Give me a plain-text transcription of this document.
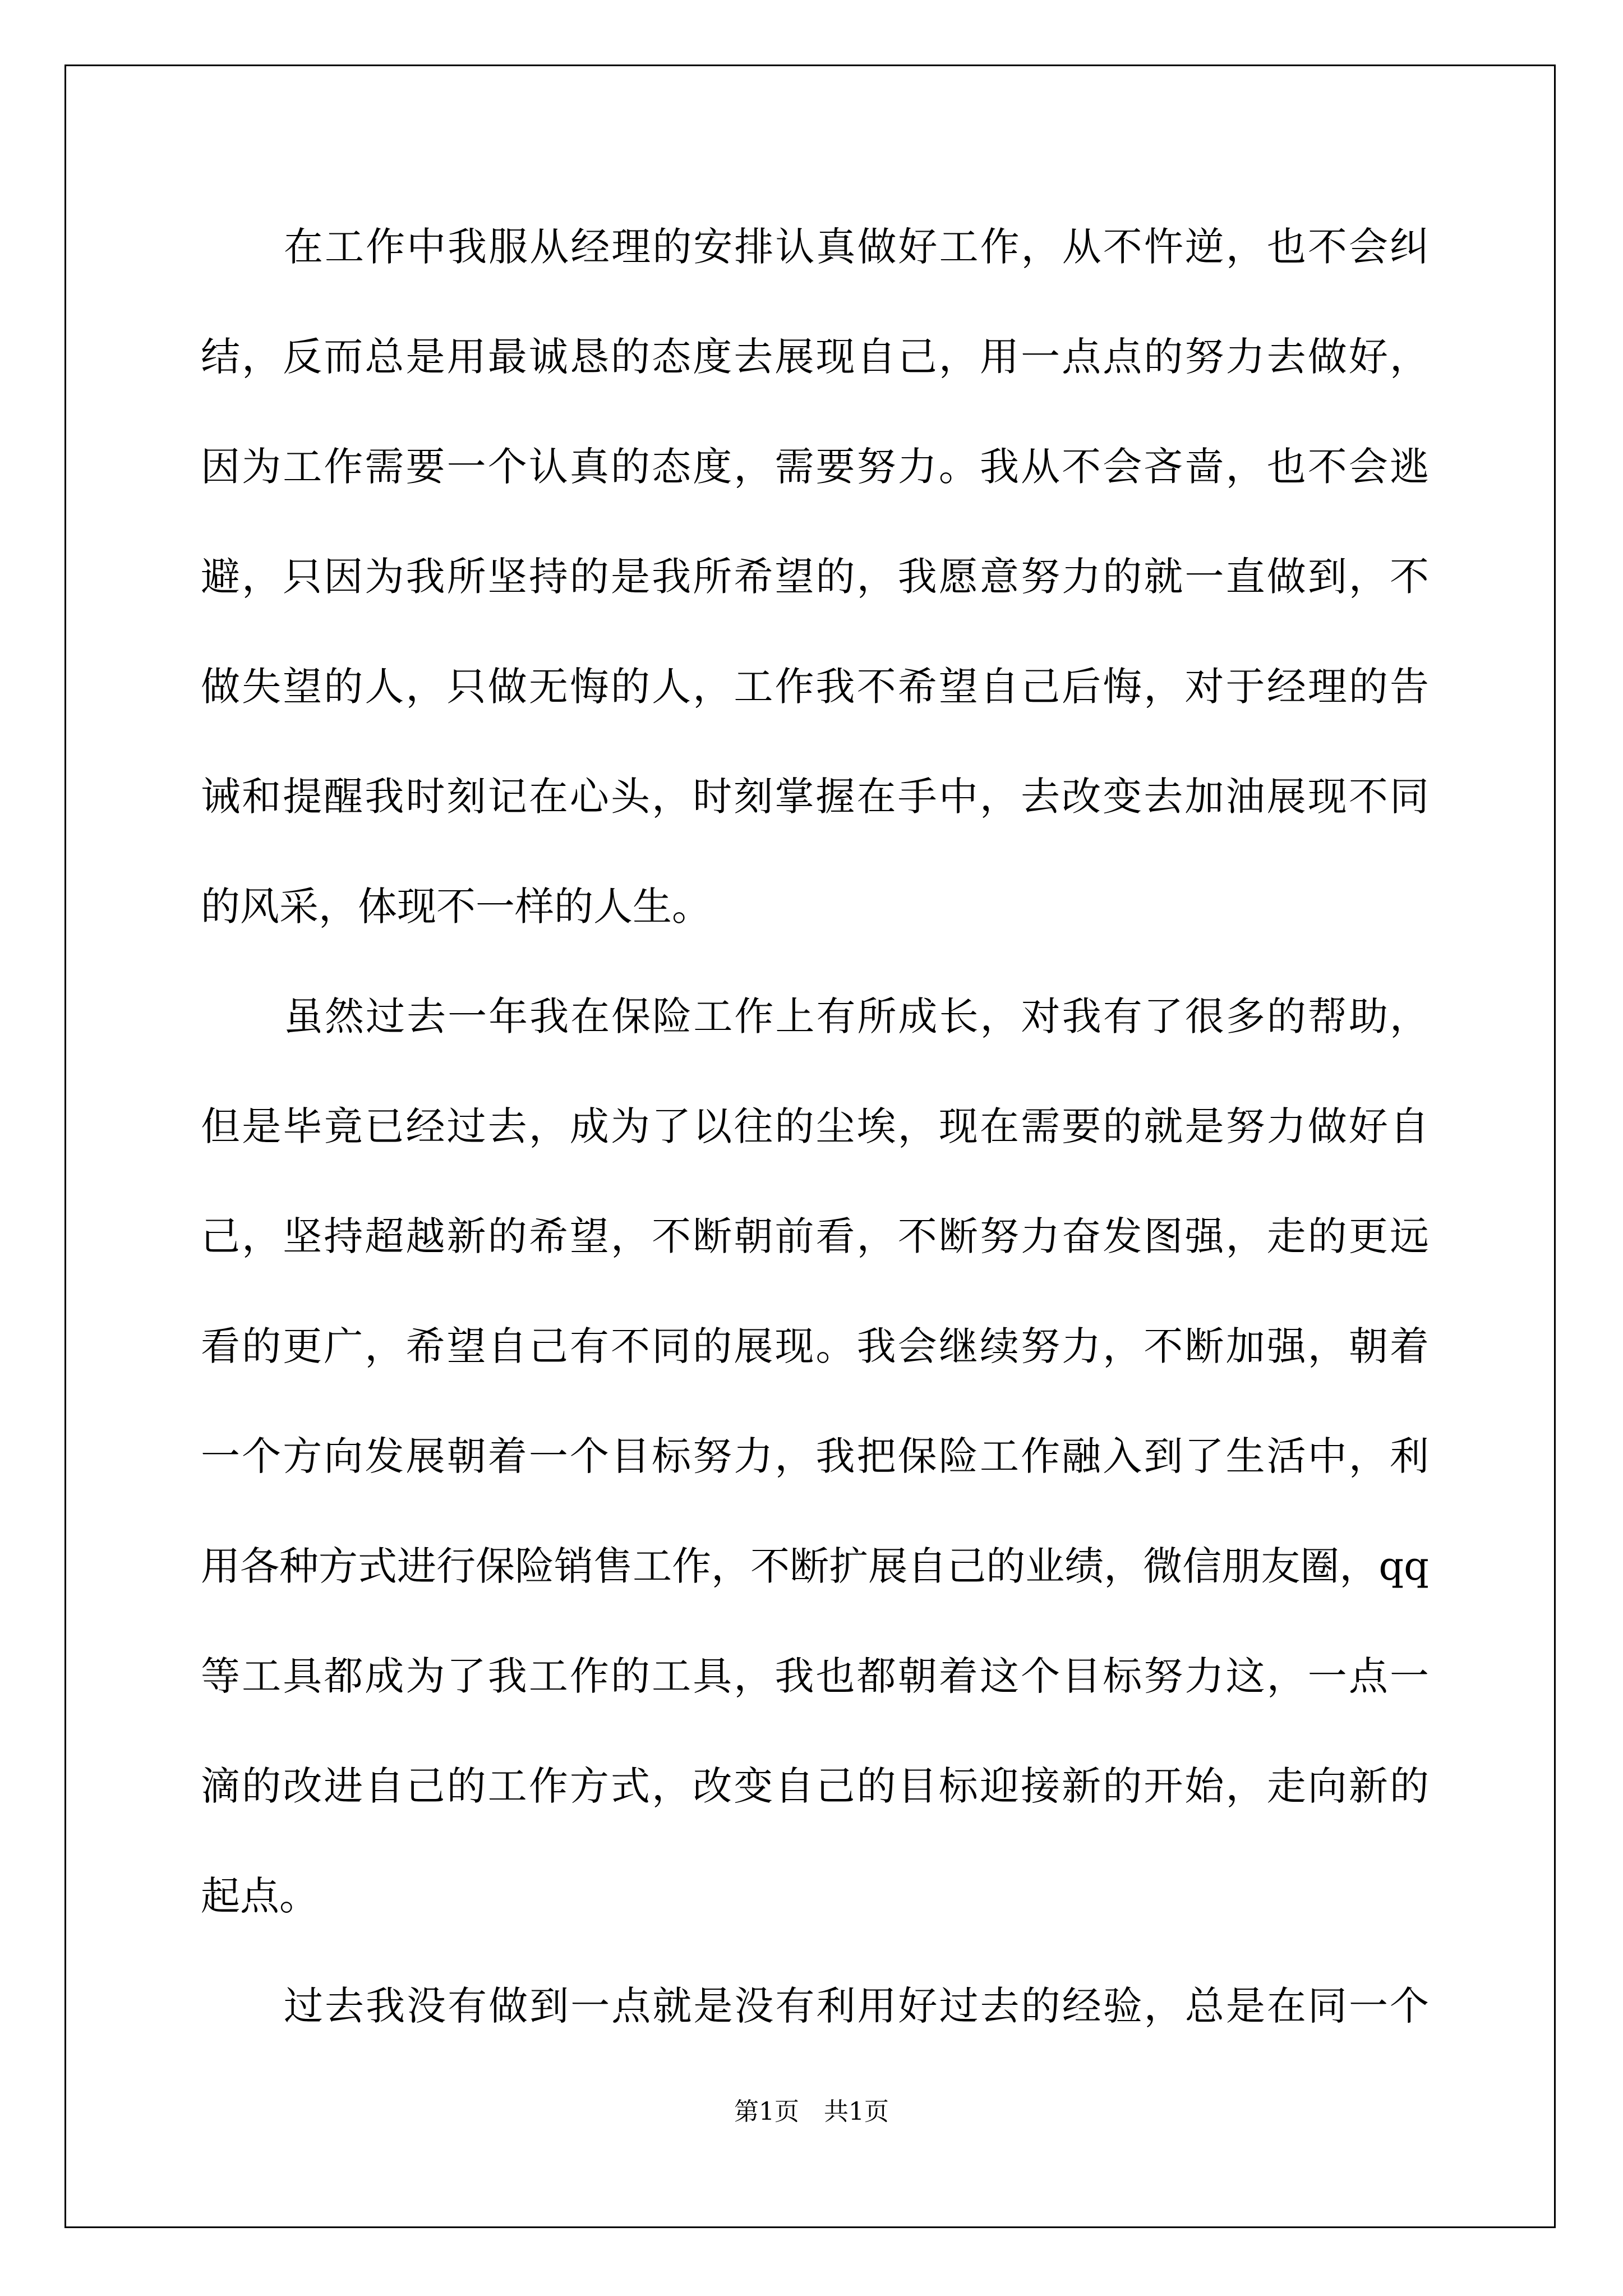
在工作中我服从经理的安排认真做好工作，从不忤逆，也不会纠
结，反而总是用最诚恳的态度去展现自己，用一点点的努力去做好，
因为工作需要一个认真的态度，需要努力。我从不会吝啬，也不会逃
避，只因为我所坚持的是我所希望的，我愿意努力的就一直做到，不
做失望的人，只做无悔的人，工作我不希望自己后悔，对于经理的告
诫和提醒我时刻记在心头，时刻掌握在手中，去改变去加油展现不同
的风采，体现不一样的人生。
虽然过去一年我在保险工作上有所成长，对我有了很多的帮助，
但是毕竟已经过去，成为了以往的尘埃，现在需要的就是努力做好自
己，坚持超越新的希望，不断朝前看，不断努力奋发图强，走的更远
看的更广，希望自己有不同的展现。我会继续努力，不断加强，朝着
一个方向发展朝着一个目标努力，我把保险工作融入到了生活中，利
用各种方式进行保险销售工作，不断扩展自己的业绩，微信朋友圈，qq
等工具都成为了我工作的工具，我也都朝着这个目标努力这，一点一
滴的改进自己的工作方式，改变自己的目标迎接新的开始，走向新的
起点。
过去我没有做到一点就是没有利用好过去的经验，总是在同一个
第1页　共1页
